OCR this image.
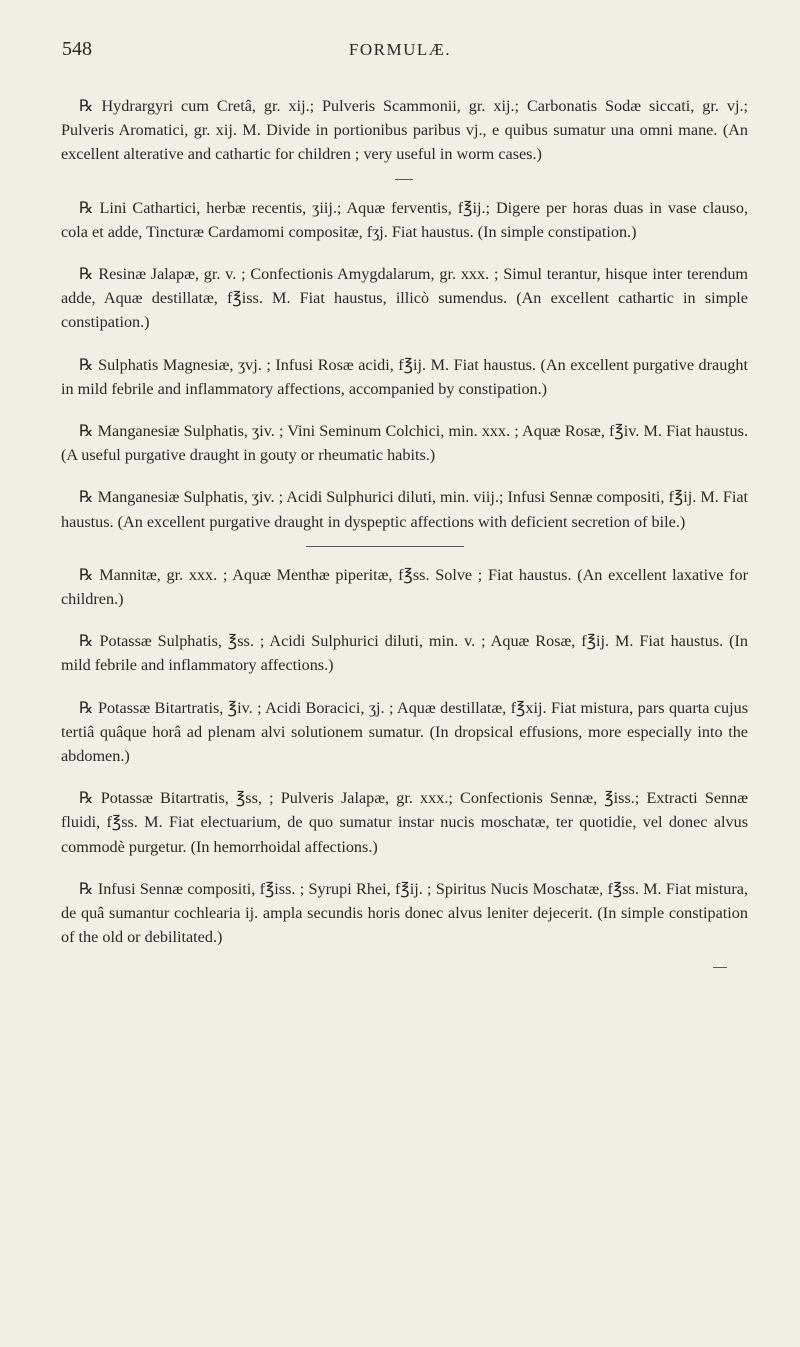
548	FORMULÆ.

℞ Hydrargyri cum Cretâ, gr. xij.; Pulveris Scammonii, gr. xij.; Carbonatis Sodæ siccati, gr. vj.; Pulveris Aromatici, gr. xij. M. Divide in portionibus paribus vj., e quibus sumatur una omni mane. (An excellent alterative and cathartic for children ; very useful in worm cases.)

℞ Lini Cathartici, herbæ recentis, ʒiij.; Aquæ ferventis, f℥ij.; Digere per horas duas in vase clauso, cola et adde, Tincturæ Cardamomi compositæ, fʒj. Fiat haustus. (In simple constipation.)

℞ Resinæ Jalapæ, gr. v. ; Confectionis Amygdalarum, gr. xxx. ; Simul terantur, hisque inter terendum adde, Aquæ destillatæ, f℥iss. M. Fiat haustus, illicò sumendus. (An excellent cathartic in simple constipation.)

℞ Sulphatis Magnesiæ, ʒvj. ; Infusi Rosæ acidi, f℥ij. M. Fiat haustus. (An excellent purgative draught in mild febrile and inflammatory affections, accompanied by constipation.)

℞ Manganesiæ Sulphatis, ʒiv. ; Vini Seminum Colchici, min. xxx. ; Aquæ Rosæ, f℥iv. M. Fiat haustus. (A useful purgative draught in gouty or rheumatic habits.)

℞ Manganesiæ Sulphatis, ʒiv. ; Acidi Sulphurici diluti, min. viij.; Infusi Sennæ compositi, f℥ij. M. Fiat haustus. (An excellent purgative draught in dyspeptic affections with deficient secretion of bile.)

℞ Mannitæ, gr. xxx. ; Aquæ Menthæ piperitæ, f℥ss. Solve ; Fiat haustus. (An excellent laxative for children.)

℞ Potassæ Sulphatis, ℥ss. ; Acidi Sulphurici diluti, min. v. ; Aquæ Rosæ, f℥ij. M. Fiat haustus. (In mild febrile and inflammatory affections.)

℞ Potassæ Bitartratis, ℥iv. ; Acidi Boracici, ʒj. ; Aquæ destillatæ, f℥xij. Fiat mistura, pars quarta cujus tertiâ quâque horâ ad plenam alvi solutionem sumatur. (In dropsical effusions, more especially into the abdomen.)

℞ Potassæ Bitartratis, ℥ss, ; Pulveris Jalapæ, gr. xxx.; Confectionis Sennæ, ℥iss.; Extracti Sennæ fluidi, f℥ss. M. Fiat electuarium, de quo sumatur instar nucis moschatæ, ter quotidie, vel donec alvus commodè purgetur. (In hemorrhoidal affections.)

℞ Infusi Sennæ compositi, f℥iss. ; Syrupi Rhei, f℥ij. ; Spiritus Nucis Moschatæ, f℥ss. M. Fiat mistura, de quâ sumantur cochlearia ij. ampla secundis horis donec alvus leniter dejecerit. (In simple constipation of the old or debilitated.)
